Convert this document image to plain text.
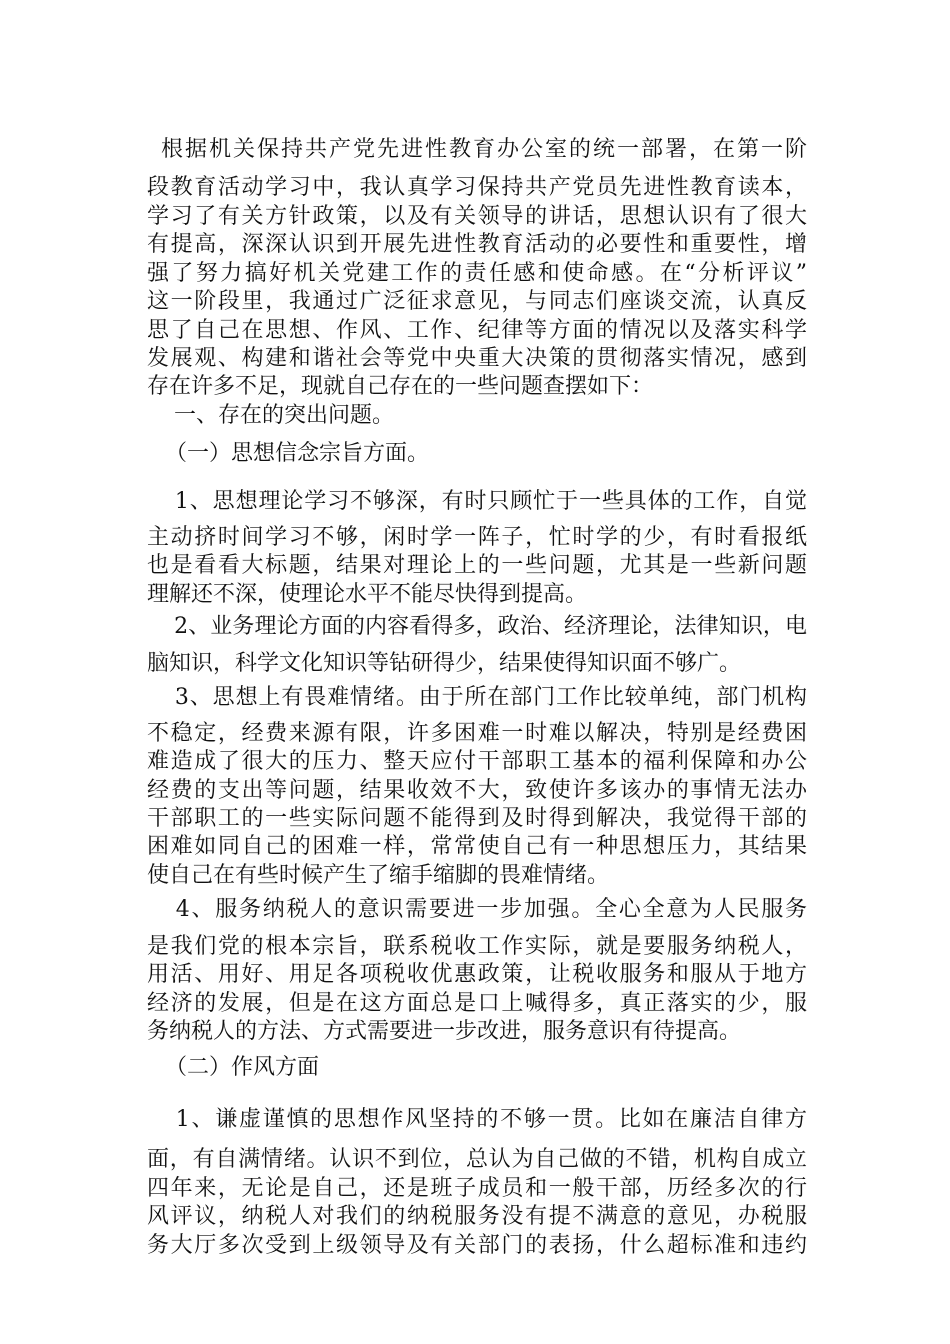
根据机关保持共产党先进性教育办公室的统一部署，在第一阶
段教育活动学习中，我认真学习保持共产党员先进性教育读本，
学习了有关方针政策，以及有关领导的讲话，思想认识有了很大
有提高，深深认识到开展先进性教育活动的必要性和重要性，增
强了努力搞好机关党建工作的责任感和使命感。在“分析评议”
这一阶段里，我通过广泛征求意见，与同志们座谈交流，认真反
思了自己在思想、作风、工作、纪律等方面的情况以及落实科学
发展观、构建和谐社会等党中央重大决策的贯彻落实情况，感到
存在许多不足，现就自己存在的一些问题查摆如下：
　一、存在的突出问题。
　（一）思想信念宗旨方面。
　1、思想理论学习不够深，有时只顾忙于一些具体的工作，自觉
主动挤时间学习不够，闲时学一阵子，忙时学的少，有时看报纸
也是看看大标题，结果对理论上的一些问题，尤其是一些新问题
理解还不深，使理论水平不能尽快得到提高。
　2、业务理论方面的内容看得多，政治、经济理论，法律知识，电
脑知识，科学文化知识等钻研得少，结果使得知识面不够广。
　3、思想上有畏难情绪。由于所在部门工作比较单纯，部门机构
不稳定，经费来源有限，许多困难一时难以解决，特别是经费困
难造成了很大的压力、整天应付干部职工基本的福利保障和办公
经费的支出等问题，结果收效不大，致使许多该办的事情无法办
干部职工的一些实际问题不能得到及时得到解决，我觉得干部的
困难如同自己的困难一样，常常使自己有一种思想压力，其结果
使自己在有些时候产生了缩手缩脚的畏难情绪。
　4、服务纳税人的意识需要进一步加强。全心全意为人民服务
是我们党的根本宗旨，联系税收工作实际，就是要服务纳税人，
用活、用好、用足各项税收优惠政策，让税收服务和服从于地方
经济的发展，但是在这方面总是口上喊得多，真正落实的少，服
务纳税人的方法、方式需要进一步改进，服务意识有待提高。
　（二）作风方面
　1、谦虚谨慎的思想作风坚持的不够一贯。比如在廉洁自律方
面，有自满情绪。认识不到位，总认为自己做的不错，机构自成立
四年来，无论是自己，还是班子成员和一般干部，历经多次的行
风评议，纳税人对我们的纳税服务没有提不满意的意见，办税服
务大厅多次受到上级领导及有关部门的表扬，什么超标准和违约
